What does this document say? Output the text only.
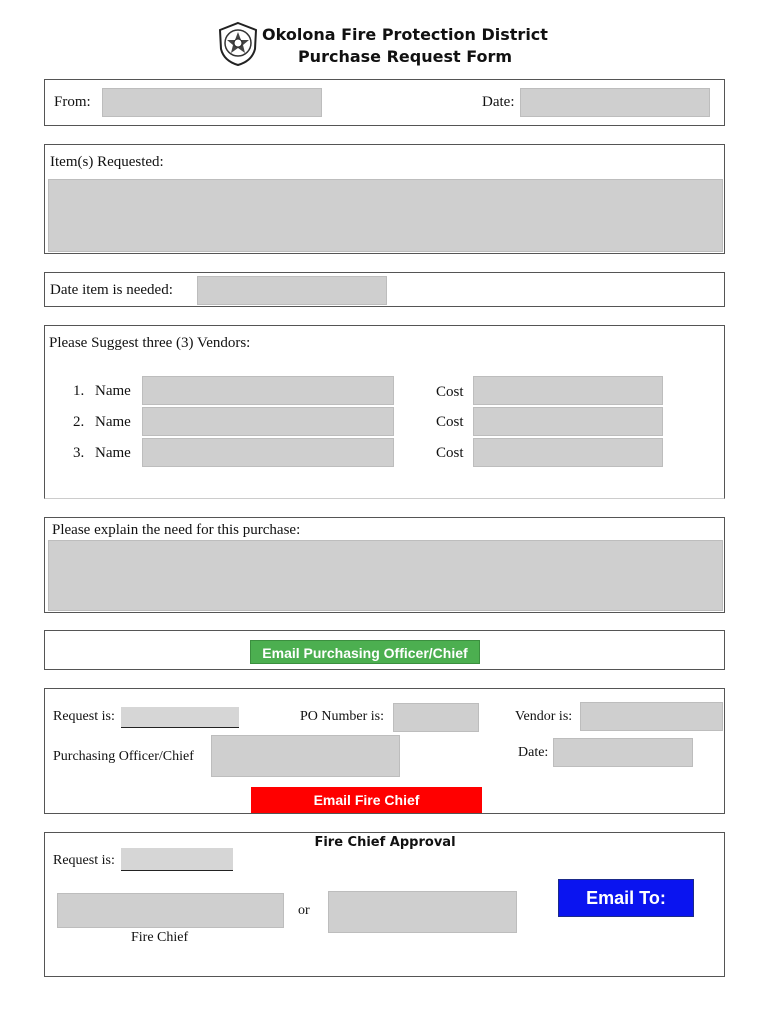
Okolona Fire Protection District
Purchase Request Form
From:	Date:
Item(s) Requested:
Date item is needed:
Please Suggest three (3) Vendors:
1. Name	Cost
2. Name	Cost
3. Name	Cost
Please explain the need for this purchase:
Email Purchasing Officer/Chief
Request is:	PO Number is:	Vendor is:
Purchasing Officer/Chief	Date:
Email Fire Chief
Fire Chief Approval
Request is:
Fire Chief
or
Email To:
